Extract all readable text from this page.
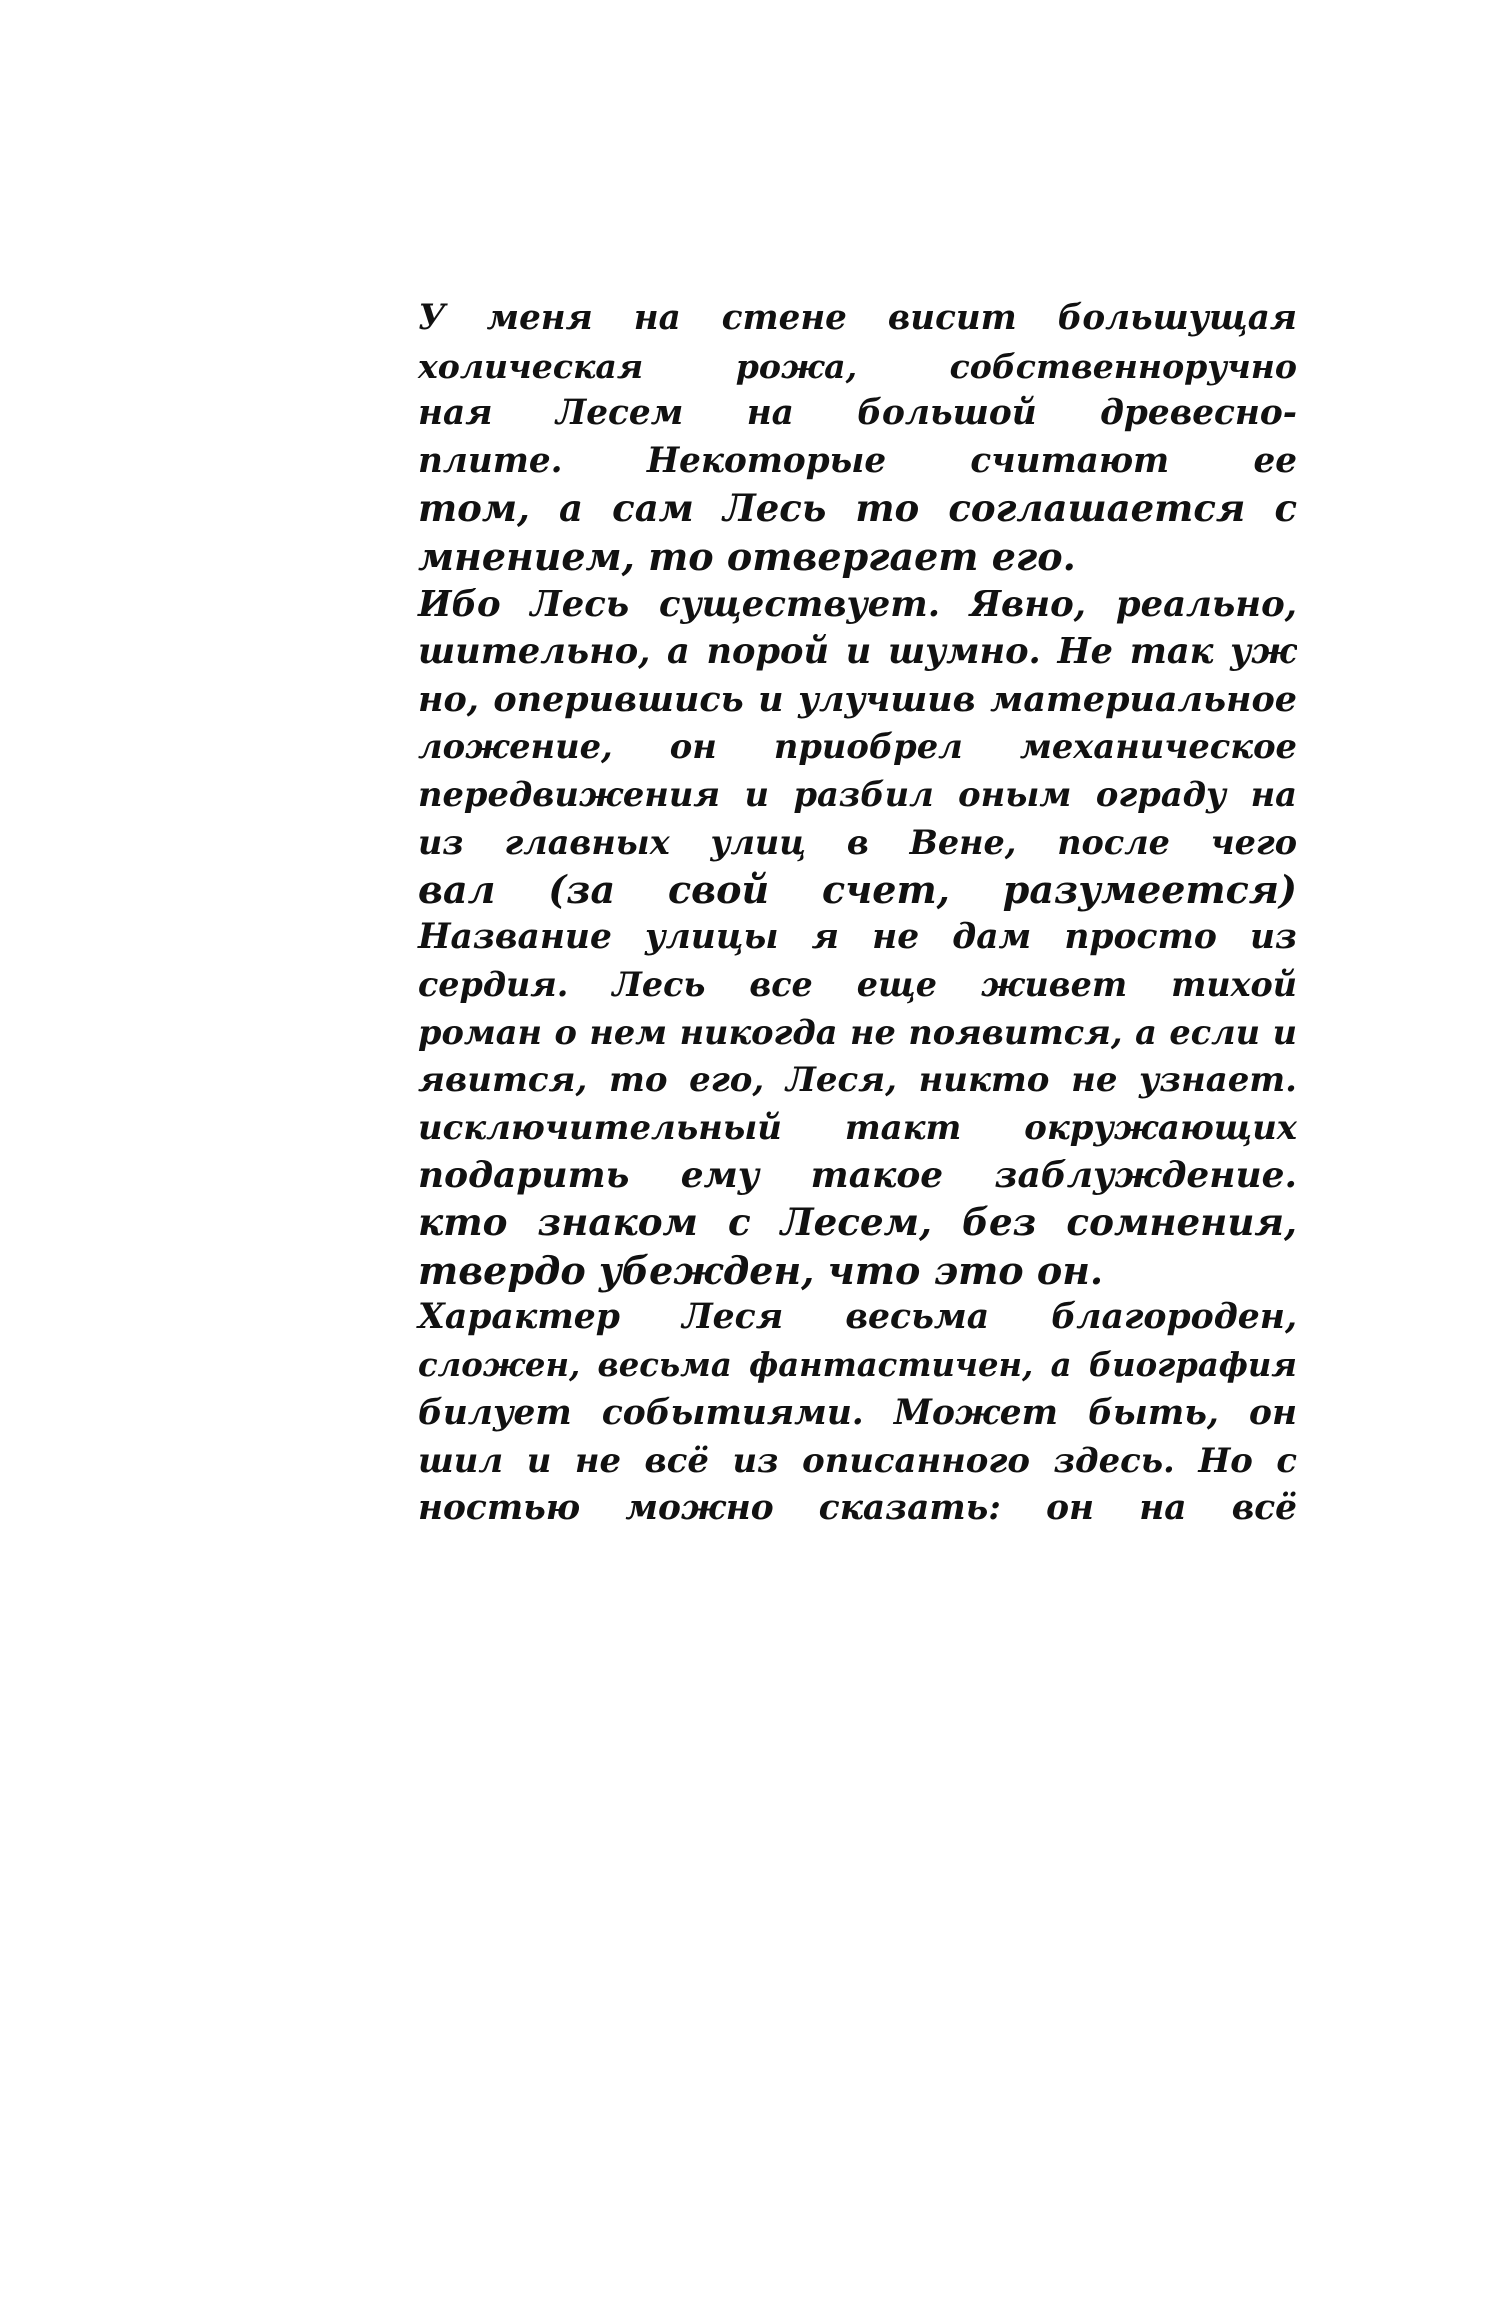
У меня на стене висит большущая
холическая рожа, собственноручно
ная Лесем на большой древесно-
плите. Некоторые считают ее
том, а сам Лесь то соглашается с
мнением, то отвергает его.
Ибо Лесь существует. Явно, реально,
шительно, а порой и шумно. Не так уж
но, оперившись и улучшив материальное
ложение, он приобрел механическое
передвижения и разбил оным ограду на
из главных улиц в Вене, после чего
вал (за свой счет, разумеется)
Название улицы я не дам просто из
сердия. Лесь все еще живет тихой
роман о нем никогда не появится, а если и
явится, то его, Леся, никто не узнает.
исключительный такт окружающих
подарить ему такое заблуждение.
кто знаком с Лесем, без сомнения,
твердо убежден, что это он.
Характер Леся весьма благороден,
сложен, весьма фантастичен, а биография
билует событиями. Может быть, он
шил и не всё из описанного здесь. Но с
ностью можно сказать: он на всё
